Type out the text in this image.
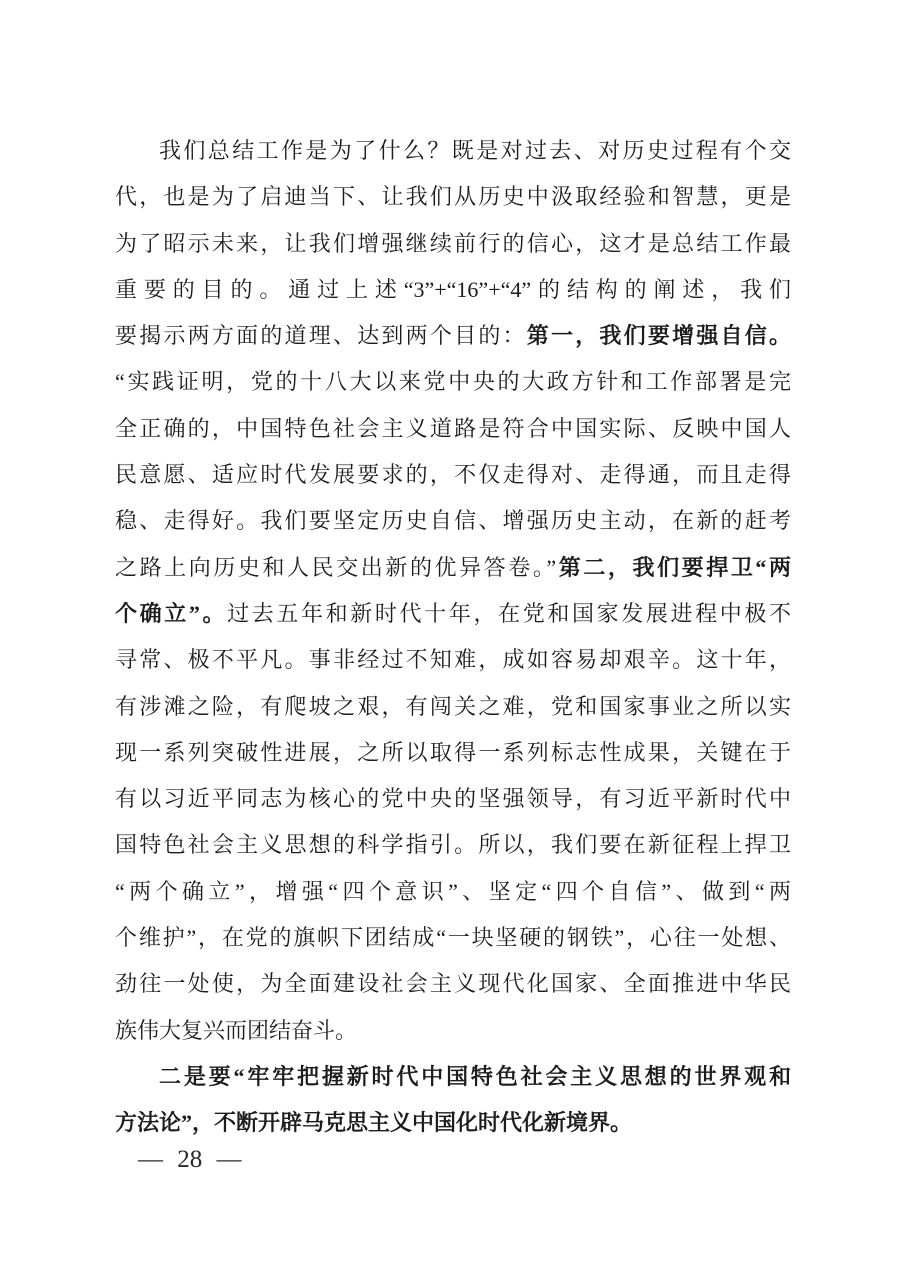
我们总结工作是为了什么？既是对过去、对历史过程有个交
代，也是为了启迪当下、让我们从历史中汲取经验和智慧，更是
为了昭示未来，让我们增强继续前行的信心，这才是总结工作最
重要的目的。通过上述“3”+“16”+“4”的结构的阐述，我们
要揭示两方面的道理、达到两个目的：第一，我们要增强自信。
“实践证明，党的十八大以来党中央的大政方针和工作部署是完
全正确的，中国特色社会主义道路是符合中国实际、反映中国人
民意愿、适应时代发展要求的，不仅走得对、走得通，而且走得
稳、走得好。我们要坚定历史自信、增强历史主动，在新的赶考
之路上向历史和人民交出新的优异答卷。”第二，我们要捍卫“两
个确立”。过去五年和新时代十年，在党和国家发展进程中极不
寻常、极不平凡。事非经过不知难，成如容易却艰辛。这十年，
有涉滩之险，有爬坡之艰，有闯关之难，党和国家事业之所以实
现一系列突破性进展，之所以取得一系列标志性成果，关键在于
有以习近平同志为核心的党中央的坚强领导，有习近平新时代中
国特色社会主义思想的科学指引。所以，我们要在新征程上捍卫
“两个确立”，增强“四个意识”、坚定“四个自信”、做到“两
个维护”，在党的旗帜下团结成“一块坚硬的钢铁”，心往一处想、
劲往一处使，为全面建设社会主义现代化国家、全面推进中华民
族伟大复兴而团结奋斗。
二是要“牢牢把握新时代中国特色社会主义思想的世界观和
方法论”，不断开辟马克思主义中国化时代化新境界。
— 28 —
